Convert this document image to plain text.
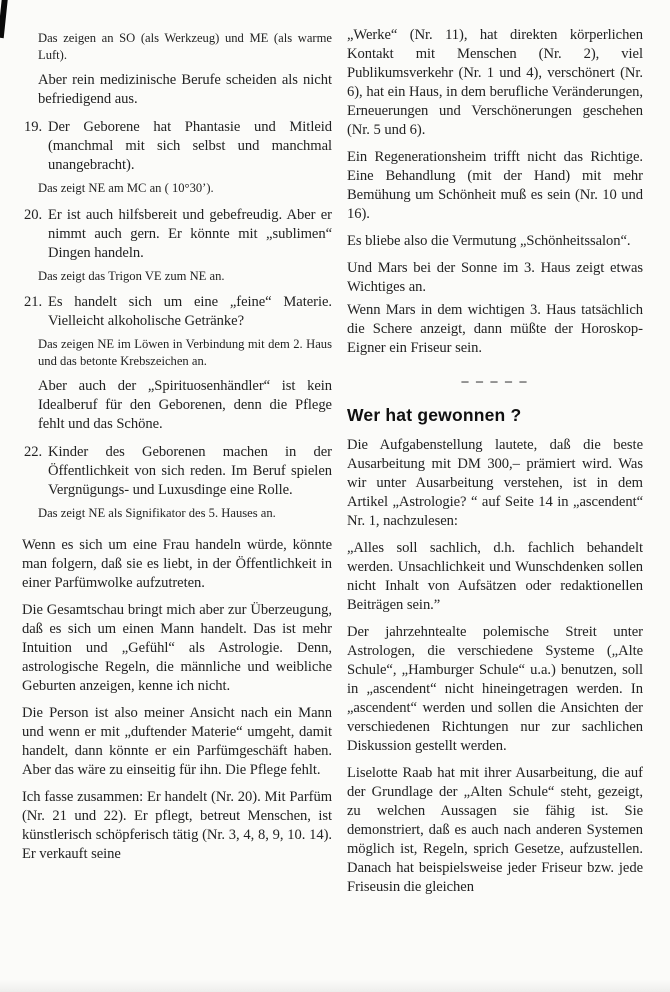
Das zeigen an SO (als Werkzeug) und ME (als warme Luft).

Aber rein medizinische Berufe scheiden als nicht befriedigend aus.

19. Der Geborene hat Phantasie und Mitleid (manchmal mit sich selbst und manchmal unangebracht).

Das zeigt NE am MC an ( 10°30’).

20. Er ist auch hilfsbereit und gebefreudig. Aber er nimmt auch gern. Er könnte mit „sublimen“ Dingen handeln.

Das zeigt das Trigon VE zum NE an.

21. Es handelt sich um eine „feine“ Materie. Vielleicht alkoholische Getränke?

Das zeigen NE im Löwen in Verbindung mit dem 2. Haus und das betonte Krebszeichen an.

Aber auch der „Spirituosenhändler“ ist kein Idealberuf für den Geborenen, denn die Pflege fehlt und das Schöne.

22. Kinder des Geborenen machen in der Öffentlichkeit von sich reden. Im Beruf spielen Vergnügungs- und Luxusdinge eine Rolle.

Das zeigt NE als Signifikator des 5. Hauses an.

Wenn es sich um eine Frau handeln würde, könnte man folgern, daß sie es liebt, in der Öffentlichkeit in einer Parfümwolke aufzutreten.

Die Gesamtschau bringt mich aber zur Überzeugung, daß es sich um einen Mann handelt. Das ist mehr Intuition und „Gefühl“ als Astrologie. Denn, astrologische Regeln, die männliche und weibliche Geburten anzeigen, kenne ich nicht.

Die Person ist also meiner Ansicht nach ein Mann und wenn er mit „duftender Materie“ umgeht, damit handelt, dann könnte er ein Parfümgeschäft haben. Aber das wäre zu einseitig für ihn. Die Pflege fehlt.

Ich fasse zusammen: Er handelt (Nr. 20). Mit Parfüm (Nr. 21 und 22). Er pflegt, betreut Menschen, ist künstlerisch schöpferisch tätig (Nr. 3, 4, 8, 9, 10. 14). Er verkauft seine

„Werke“ (Nr. 11), hat direkten körperlichen Kontakt mit Menschen (Nr. 2), viel Publikumsverkehr (Nr. 1 und 4), verschönert (Nr. 6), hat ein Haus, in dem berufliche Veränderungen, Erneuerungen und Verschönerungen geschehen (Nr. 5 und 6).

Ein Regenerationsheim trifft nicht das Richtige. Eine Behandlung (mit der Hand) mit mehr Bemühung um Schönheit muß es sein (Nr. 10 und 16).

Es bliebe also die Vermutung „Schönheitssalon“.

Und Mars bei der Sonne im 3. Haus zeigt etwas Wichtiges an.

Wenn Mars in dem wichtigen 3. Haus tatsächlich die Schere anzeigt, dann müßte der Horoskop-Eigner ein Friseur sein.

– – – – –
Wer hat gewonnen ?

Die Aufgabenstellung lautete, daß die beste Ausarbeitung mit DM 300,– prämiert wird. Was wir unter Ausarbeitung verstehen, ist in dem Artikel „Astrologie? “ auf Seite 14 in „ascendent“ Nr. 1, nachzulesen:

„Alles soll sachlich, d.h. fachlich behandelt werden. Unsachlichkeit und Wunschdenken sollen nicht Inhalt von Aufsätzen oder redaktionellen Beiträgen sein.”

Der jahrzehntealte polemische Streit unter Astrologen, die verschiedene Systeme („Alte Schule“, „Hamburger Schule“ u.a.) benutzen, soll in „ascendent“ nicht hineingetragen werden. In „ascendent“ werden und sollen die Ansichten der verschiedenen Richtungen nur zur sachlichen Diskussion gestellt werden.

Liselotte Raab hat mit ihrer Ausarbeitung, die auf der Grundlage der „Alten Schule“ steht, gezeigt, zu welchen Aussagen sie fähig ist. Sie demonstriert, daß es auch nach anderen Systemen möglich ist, Regeln, sprich Gesetze, aufzustellen. Danach hat beispielsweise jeder Friseur bzw. jede Friseusin die gleichen
